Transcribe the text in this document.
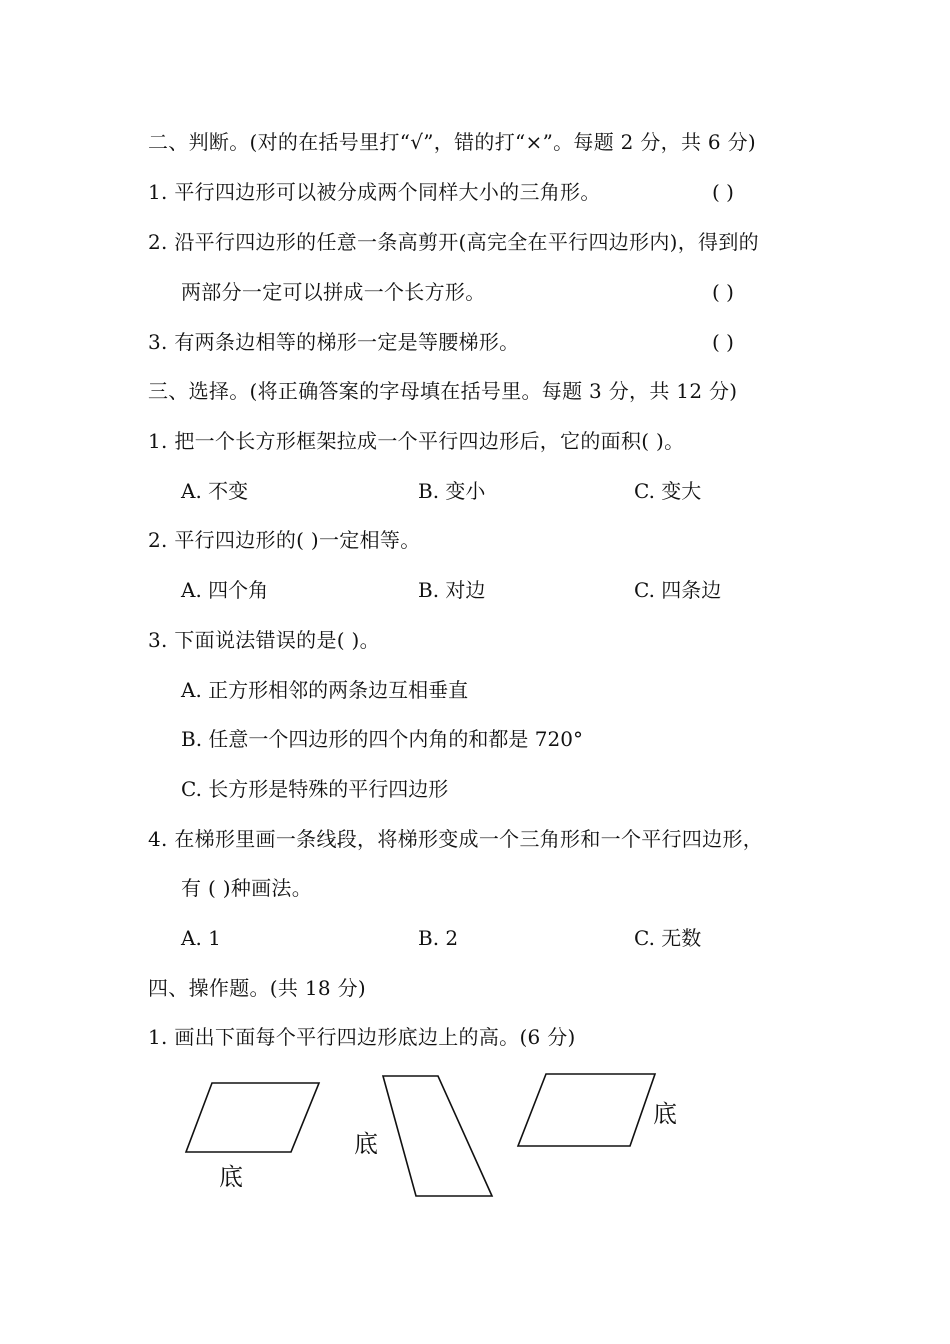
二、判断。(对的在括号里打“√”，错的打“×”。每题 2 分，共 6 分)
1. 平行四边形可以被分成两个同样大小的三角形。	( )
2. 沿平行四边形的任意一条高剪开(高完全在平行四边形内)，得到的
两部分一定可以拼成一个长方形。	( )
3. 有两条边相等的梯形一定是等腰梯形。	( )
三、选择。(将正确答案的字母填在括号里。每题 3 分，共 12 分)
1. 把一个长方形框架拉成一个平行四边形后，它的面积( )。
A. 不变	B. 变小	C. 变大
2. 平行四边形的( )一定相等。
A. 四个角	B. 对边	C. 四条边
3. 下面说法错误的是( )。
A. 正方形相邻的两条边互相垂直
B. 任意一个四边形的四个内角的和都是 720°
C. 长方形是特殊的平行四边形
4. 在梯形里画一条线段，将梯形变成一个三角形和一个平行四边形，
有 ( )种画法。
A. 1	B. 2	C. 无数
四、操作题。(共 18 分)
1. 画出下面每个平行四边形底边上的高。(6 分)
底
底
底
